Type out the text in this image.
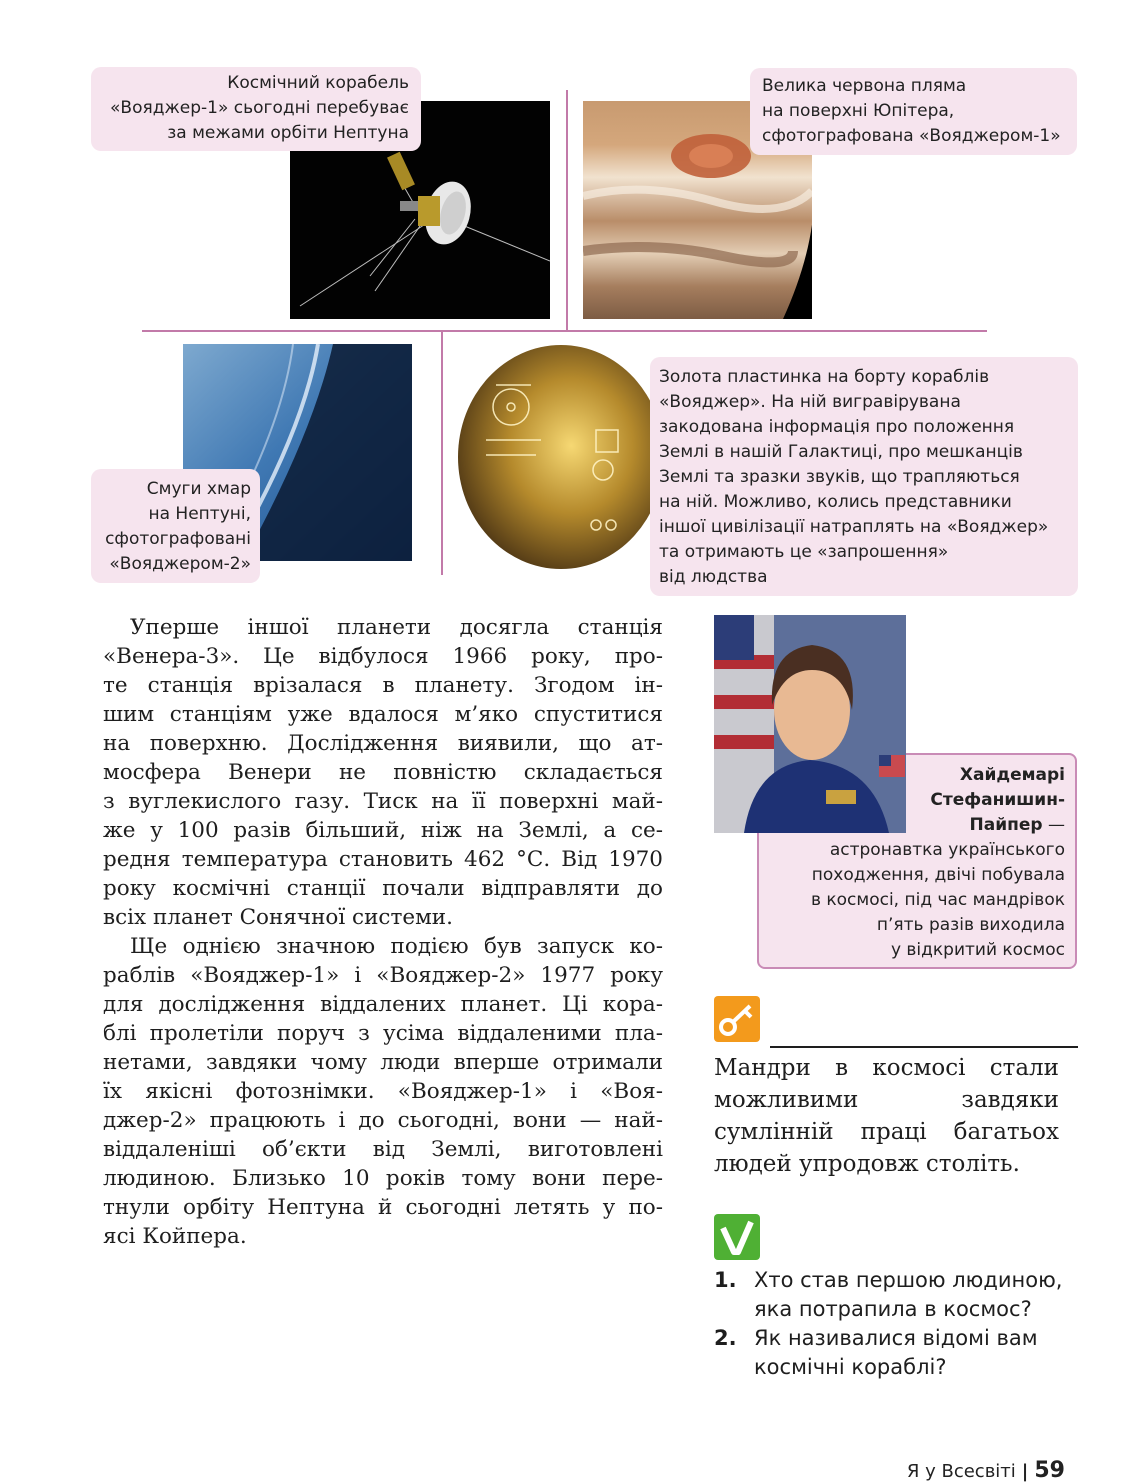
Космічний корабель
«Вояджер-1» сьогодні перебуває
за межами орбіти Нептуна
Велика червона пляма
на поверхні Юпітера,
сфотографована «Вояджером-1»
Смуги хмар
на Нептуні,
сфотографовані
«Вояджером-2»
Золота пластинка на борту кораблів
«Вояджер». На ній вигравірувана
закодована інформація про положення
Землі в нашій Галактиці, про мешканців
Землі та зразки звуків, що трапляються
на ній. Можливо, колись представники
іншої цивілізації натраплять на «Вояджер»
та отримають це «запрошення»
від людства
Уперше іншої планети досягла станція
«Венера-3». Це відбулося 1966 року, про-
те станція врізалася в планету. Згодом ін-
шим станціям уже вдалося м’яко спуститися
на поверхню. Дослідження виявили, що ат-
мосфера Венери не повністю складається
з вуглекислого газу. Тиск на її поверхні май-
же у 100 разів більший, ніж на Землі, а се-
редня температура становить 462 °С. Від 1970
року космічні станції почали відправляти до
всіх планет Сонячної системи.
Ще однією значною подією був запуск ко-
раблів «Вояджер-1» і «Вояджер-2» 1977 року
для дослідження віддалених планет. Ці кора-
блі пролетіли поруч з усіма віддаленими пла-
нетами, завдяки чому люди вперше отримали
їх якісні фотознімки. «Вояджер-1» і «Воя-
джер-2» працюють і до сьогодні, вони — най-
віддаленіші об’єкти від Землі, виготовлені
людиною. Близько 10 років тому вони пере-
тнули орбіту Нептуна й сьогодні летять у по-
ясі Койпера.
Хайдемарі
Стефанишин-
Пайпер —
астронавтка українського
походження, двічі побувала
в космосі, під час мандрівок
п’ять разів виходила
у відкритий космос
Мандри в космосі стали
можливими завдяки
сумлінній праці багатьох
людей упродовж століть.
1. Хто став першою людиною,
яка потрапила в космос?
2. Як називалися відомі вам
космічні кораблі?
Я у Всесвіті | 59
